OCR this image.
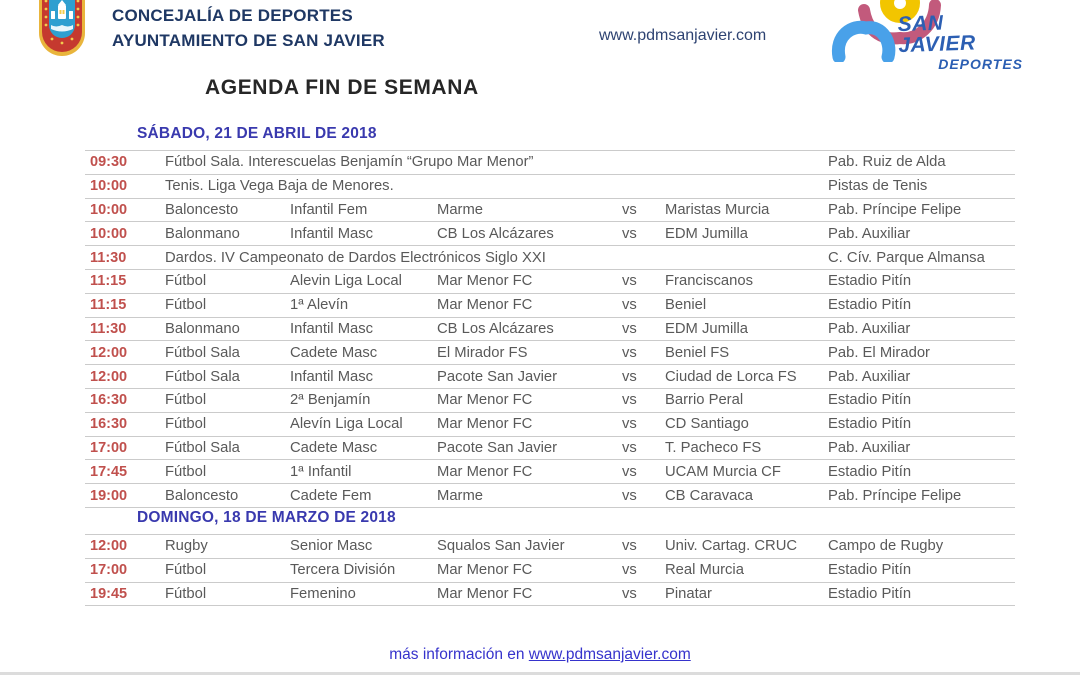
CONCEJALÍA DE DEPORTES
AYUNTAMIENTO DE SAN JAVIER	www.pdmsanjavier.com	SAN JAVIER
DEPORTES
AGENDA FIN DE SEMANA
SÁBADO, 21 DE ABRIL DE 2018
09:30	Fútbol Sala. Interescuelas Benjamín “Grupo Mar Menor”	Pab. Ruiz de Alda
10:00	Tenis. Liga Vega Baja de Menores.	Pistas de Tenis
10:00	Baloncesto	Infantil Fem	Marme	vs	Maristas Murcia	Pab. Príncipe Felipe
10:00	Balonmano	Infantil Masc	CB Los Alcázares	vs	EDM Jumilla	Pab. Auxiliar
11:30	Dardos. IV Campeonato de Dardos Electrónicos Siglo XXI	C. Cív. Parque Almansa
11:15	Fútbol	Alevin Liga Local	Mar Menor FC	vs	Franciscanos	Estadio Pitín
11:15	Fútbol	1ª Alevín	Mar Menor FC	vs	Beniel	Estadio Pitín
11:30	Balonmano	Infantil Masc	CB Los Alcázares	vs	EDM Jumilla	Pab. Auxiliar
12:00	Fútbol Sala	Cadete Masc	El Mirador FS	vs	Beniel FS	Pab. El Mirador
12:00	Fútbol Sala	Infantil Masc	Pacote San Javier	vs	Ciudad de Lorca FS	Pab. Auxiliar
16:30	Fútbol	2ª Benjamín	Mar Menor FC	vs	Barrio Peral	Estadio Pitín
16:30	Fútbol	Alevín Liga Local	Mar Menor FC	vs	CD Santiago	Estadio Pitín
17:00	Fútbol Sala	Cadete Masc	Pacote San Javier	vs	T. Pacheco FS	Pab. Auxiliar
17:45	Fútbol	1ª Infantil	Mar Menor FC	vs	UCAM Murcia CF	Estadio Pitín
19:00	Baloncesto	Cadete Fem	Marme	vs	CB Caravaca	Pab. Príncipe Felipe
DOMINGO, 18 DE MARZO DE 2018
12:00	Rugby	Senior Masc	Squalos San Javier	vs	Univ. Cartag. CRUC	Campo de Rugby
17:00	Fútbol	Tercera División	Mar Menor FC	vs	Real Murcia	Estadio Pitín
19:45	Fútbol	Femenino	Mar Menor FC	vs	Pinatar	Estadio Pitín
más información en www.pdmsanjavier.com
